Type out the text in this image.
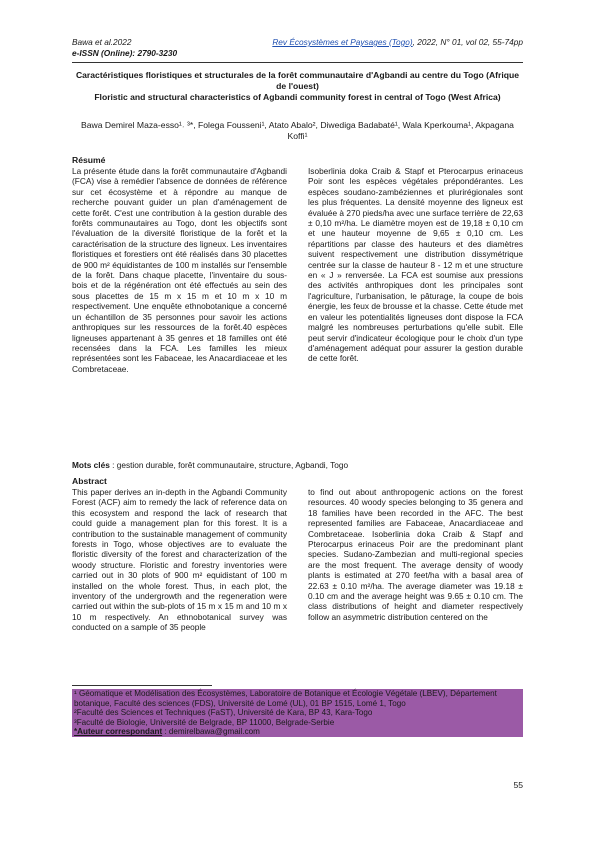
Bawa et al.2022
e-ISSN (Online): 2790-3230
Rev Écosystèmes et Paysages (Togo), 2022, N° 01, vol 02, 55-74pp
Caractéristiques floristiques et structurales de la forêt communautaire d'Agbandi au centre du Togo (Afrique de l'ouest)
Floristic and structural characteristics of Agbandi community forest in central of Togo (West Africa)
Bawa Demirel Maza-esso¹˒ ³*, Folega Fousseni¹, Atato Abalo², Diwediga Badabaté¹, Wala Kperkouma¹, Akpagana Koffi¹
Résumé

La présente étude dans la forêt communautaire d'Agbandi (FCA) vise à remédier l'absence de données de référence sur cet écosystème et à répondre au manque de recherche pouvant guider un plan d'aménagement de cette forêt. C'est une contribution à la gestion durable des forêts communautaires au Togo, dont les objectifs sont l'évaluation de la diversité floristique de la forêt et la caractérisation de la structure des ligneux. Les inventaires floristiques et forestiers ont été réalisés dans 30 placettes de 900 m² équidistantes de 100 m installés sur l'ensemble de la forêt. Dans chaque placette, l'inventaire du sous-bois et de la régénération ont été effectués au sein des sous placettes de 15 m x 15 m et 10 m x 10 m respectivement. Une enquête ethnobotanique a concerné un échantillon de 35 personnes pour savoir les actions anthropiques sur les ressources de la forêt.40 espèces ligneuses appartenant à 35 genres et 18 familles ont été recensées dans la FCA. Les familles les mieux représentées sont les Fabaceae, les Anacardiaceae et les Combretaceae.

Isoberlinia doka Craib & Stapf et Pterocarpus erinaceus Poir sont les espèces végétales prépondérantes. Les espèces soudano-zambéziennes et plurirégionales sont les plus fréquentes. La densité moyenne des ligneux est évaluée à 270 pieds/ha avec une surface terrière de 22,63 ± 0,10 m²/ha. Le diamètre moyen est de 19,18 ± 0,10 cm et une hauteur moyenne de 9,65 ± 0,10 cm. Les répartitions par classe des hauteurs et des diamètres suivent respectivement une distribution dissymétrique centrée sur la classe de hauteur 8 - 12 m et une structure en « J » renversée. La FCA est soumise aux pressions des activités anthropiques dont les principales sont l'agriculture, l'urbanisation, le pâturage, la coupe de bois énergie, les feux de brousse et la chasse. Cette étude met en valeur les potentialités ligneuses dont dispose la FCA malgré les nombreuses perturbations qu'elle subit. Elle peut servir d'indicateur écologique pour le choix d'un type d'aménagement adéquat pour assurer la gestion durable de cette forêt.

Mots clés : gestion durable, forêt communautaire, structure, Agbandi, Togo
Abstract

This paper derives an in-depth in the Agbandi Community Forest (ACF) aim to remedy the lack of reference data on this ecosystem and respond the lack of research that could guide a management plan for this forest. It is a contribution to the sustainable management of community forests in Togo, whose objectives are to evaluate the floristic diversity of the forest and characterization of the woody structure. Floristic and forestry inventories were carried out in 30 plots of 900 m² equidistant of 100 m installed on the whole forest. Thus, in each plot, the inventory of the undergrowth and the regeneration were carried out within the sub-plots of 15 m x 15 m and 10 m x 10 m respectively. An ethnobotanical survey was conducted on a sample of 35 people

to find out about anthropogenic actions on the forest resources. 40 woody species belonging to 35 genera and 18 families have been recorded in the AFC. The best represented families are Fabaceae, Anacardiaceae and Combretaceae. Isoberlinia doka Craib & Stapf and Pterocarpus erinaceus Poir are the predominant plant species. Sudano-Zambezian and multi-regional species are the most frequent. The average density of woody plants is estimated at 270 feet/ha with a basal area of 22.63 ± 0.10 m²/ha. The average diameter was 19.18 ± 0.10 cm and the average height was 9.65 ± 0.10 cm. The class distributions of height and diameter respectively follow an asymmetric distribution centered on the

¹ Géomatique et Modélisation des Écosystèmes, Laboratoire de Botanique et Écologie Végétale (LBEV), Département botanique, Faculté des sciences (FDS), Université de Lomé (UL), 01 BP 1515, Lomé 1, Togo
²Faculté des Sciences et Techniques (FaST), Université de Kara, BP 43, Kara-Togo
³Faculté de Biologie, Université de Belgrade, BP 11000, Belgrade-Serbie
*Auteur correspondant : demirelbawa@gmail.com
55
